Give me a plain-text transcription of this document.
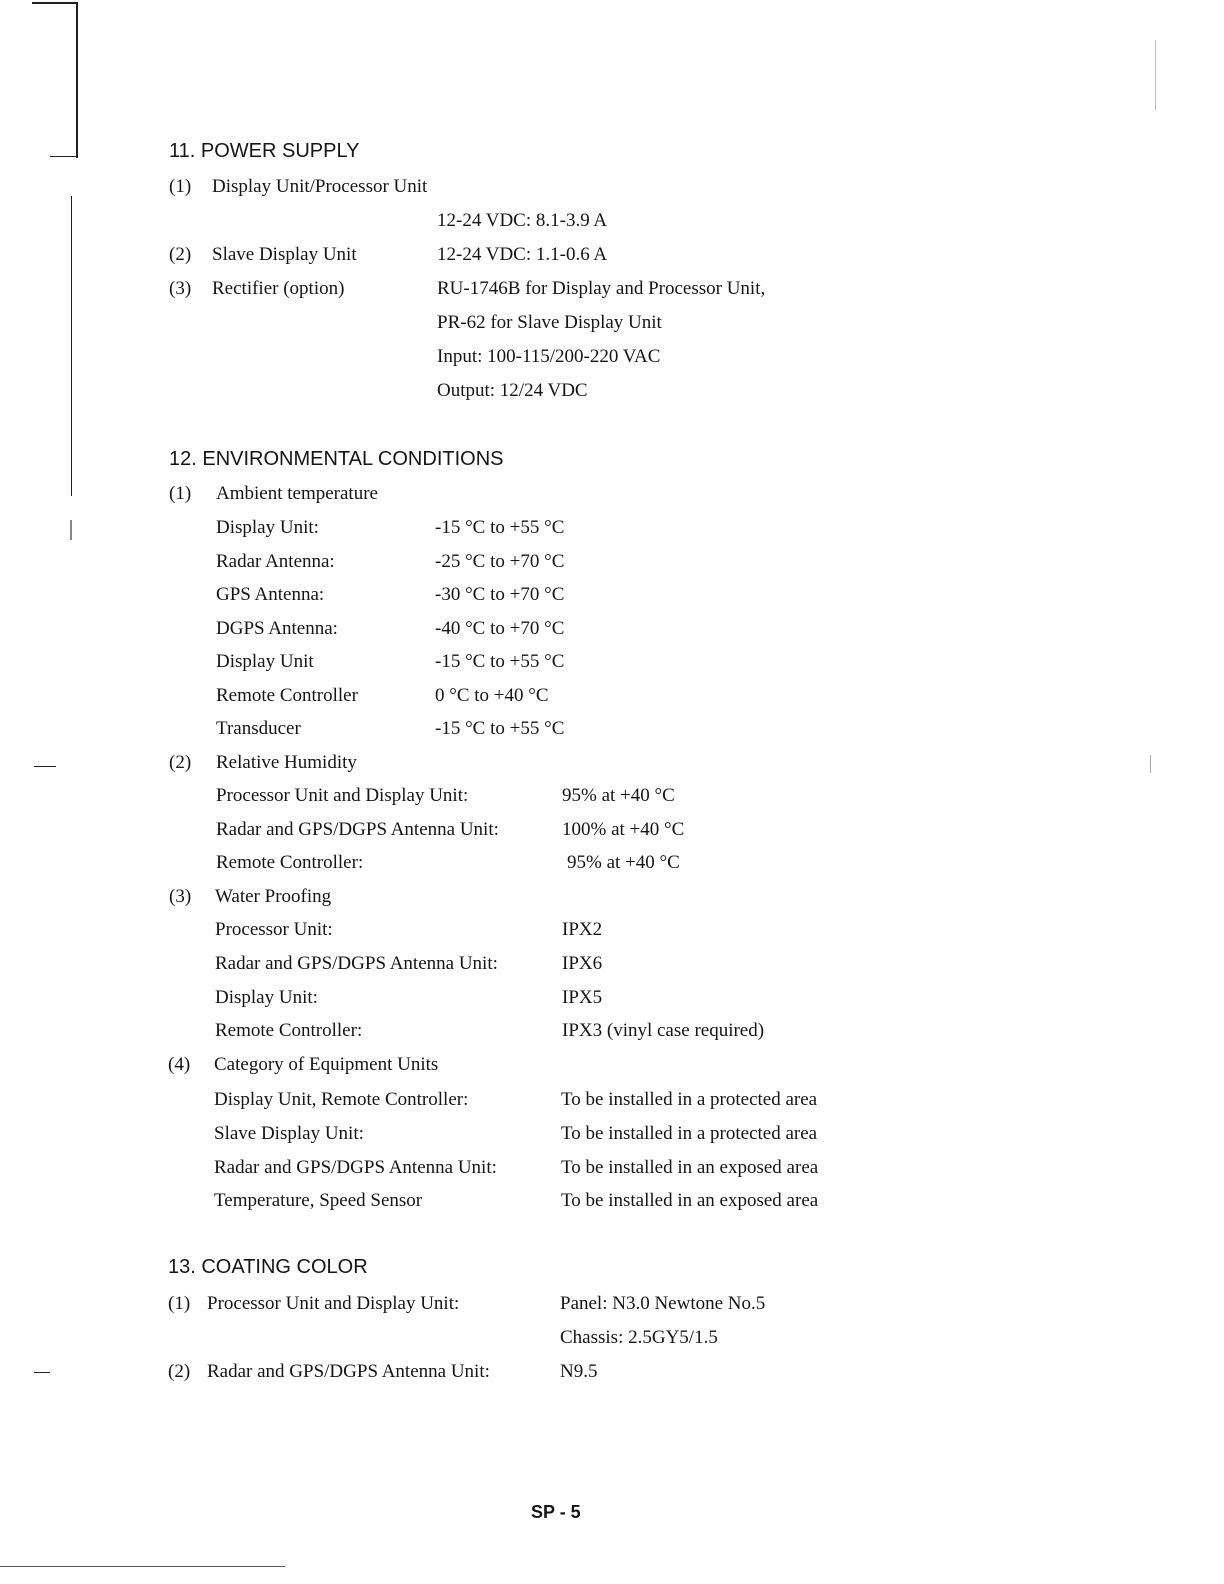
11. POWER SUPPLY
(1) Display Unit/Processor Unit
12-24 VDC: 8.1-3.9 A
(2) Slave Display Unit	12-24 VDC: 1.1-0.6 A
(3) Rectifier (option)	RU-1746B for Display and Processor Unit,
PR-62 for Slave Display Unit
Input: 100-115/200-220 VAC
Output: 12/24 VDC
12. ENVIRONMENTAL CONDITIONS
(1) Ambient temperature
Display Unit:	-15 °C to +55 °C
Radar Antenna:	-25 °C to +70 °C
GPS Antenna:	-30 °C to +70 °C
DGPS Antenna:	-40 °C to +70 °C
Display Unit	-15 °C to +55 °C
Remote Controller	0 °C to +40 °C
Transducer	-15 °C to +55 °C
(2) Relative Humidity
Processor Unit and Display Unit:	95% at +40 °C
Radar and GPS/DGPS Antenna Unit:	100% at +40 °C
Remote Controller:	95% at +40 °C
(3) Water Proofing
Processor Unit:	IPX2
Radar and GPS/DGPS Antenna Unit:	IPX6
Display Unit:	IPX5
Remote Controller:	IPX3 (vinyl case required)
(4) Category of Equipment Units
Display Unit, Remote Controller:	To be installed in a protected area
Slave Display Unit:	To be installed in a protected area
Radar and GPS/DGPS Antenna Unit:	To be installed in an exposed area
Temperature, Speed Sensor	To be installed in an exposed area
13. COATING COLOR
(1) Processor Unit and Display Unit:	Panel: N3.0 Newtone No.5
Chassis: 2.5GY5/1.5
(2) Radar and GPS/DGPS Antenna Unit:	N9.5
SP - 5
